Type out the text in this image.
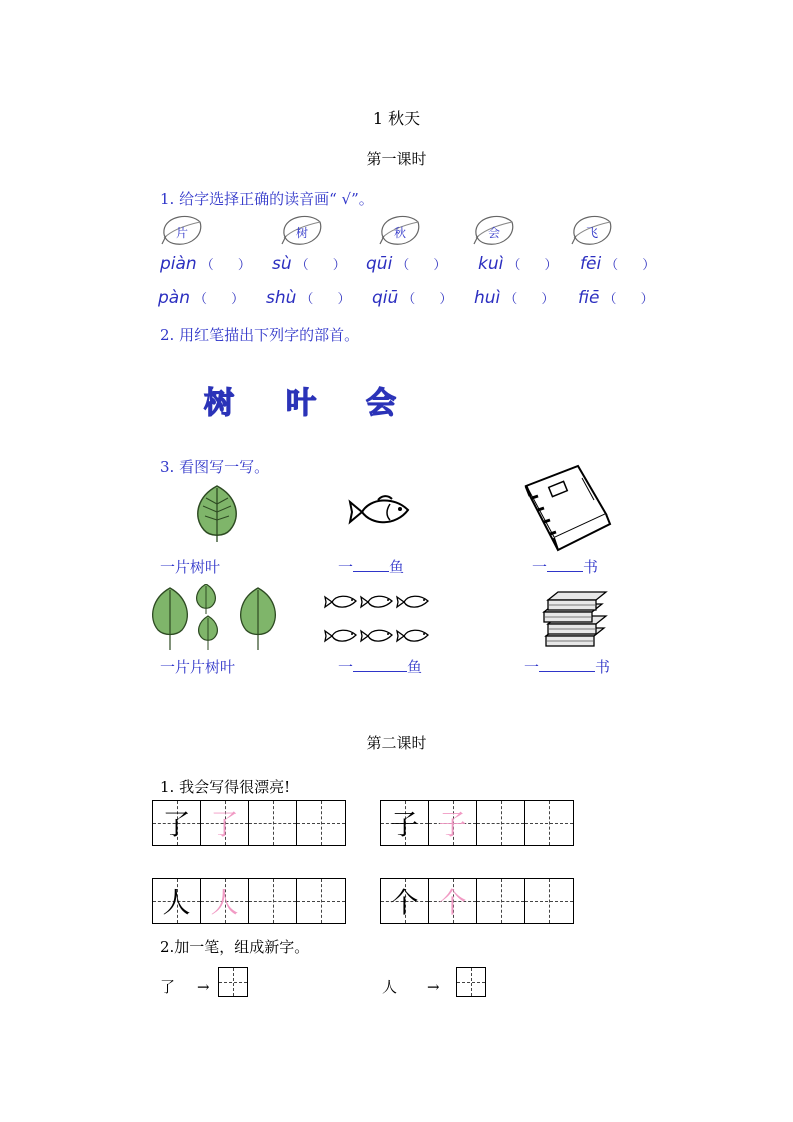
1 秋天
第一课时
1. 给字选择正确的读音画“ √”。
片	树	秋	会	飞
piàn （ ） sù （ ） qūi （ ） kuì （ ） fēi （ ）
pàn （ ） shù （ ） qiū （ ） huì （ ） fiē （ ）
2. 用红笔描出下列字的部首。
树 叶 会
3. 看图写一写。
一片树叶	一 鱼	一 书
一片片树叶	一	鱼	一	书
第二课时
1. 我会写得很漂亮!
了 了	子 子
人 人	个 个
2.加一笔，组成新字。
了 →	人 →
